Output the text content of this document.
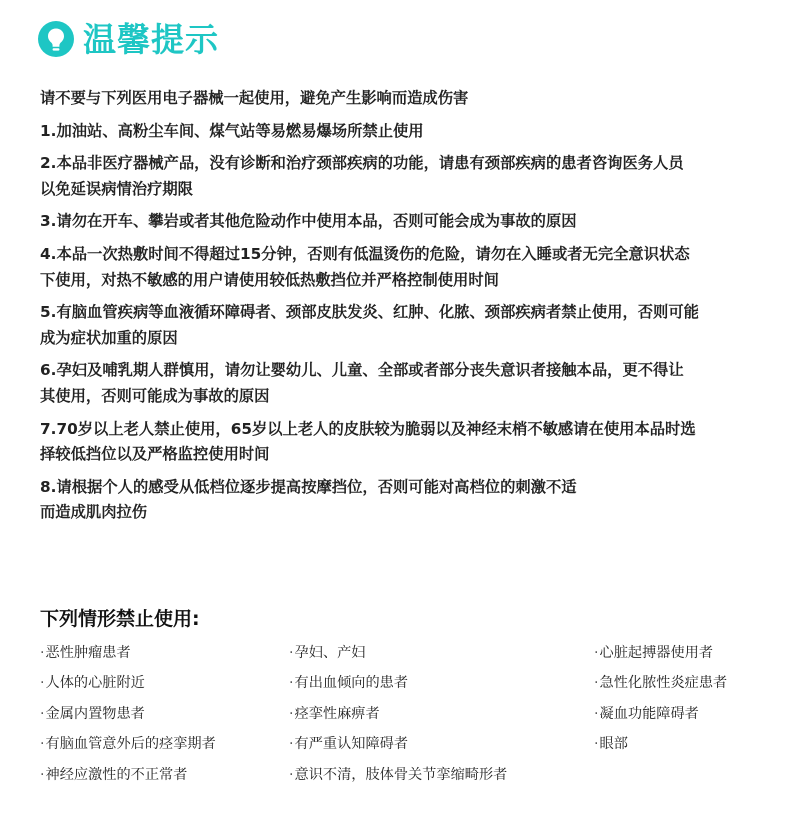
温馨提示

请不要与下列医用电子器械一起使用，避免产生影响而造成伤害

1.加油站、高粉尘车间、煤气站等易燃易爆场所禁止使用

2.本品非医疗器械产品，没有诊断和治疗颈部疾病的功能，请患有颈部疾病的患者咨询医务人员

以免延误病情治疗期限

3.请勿在开车、攀岩或者其他危险动作中使用本品，否则可能会成为事故的原因

4.本品一次热敷时间不得超过15分钟，否则有低温烫伤的危险，请勿在入睡或者无完全意识状态

下使用，对热不敏感的用户请使用较低热敷挡位并严格控制使用时间

5.有脑血管疾病等血液循环障碍者、颈部皮肤发炎、红肿、化脓、颈部疾病者禁止使用，否则可能

成为症状加重的原因

6.孕妇及哺乳期人群慎用，请勿让婴幼儿、儿童、全部或者部分丧失意识者接触本品，更不得让

其使用，否则可能成为事故的原因

7.70岁以上老人禁止使用，65岁以上老人的皮肤较为脆弱以及神经末梢不敏感请在使用本品时选

择较低挡位以及严格监控使用时间

8.请根据个人的感受从低档位逐步提高按摩挡位，否则可能对高档位的刺激不适

而造成肌肉拉伤

下列情形禁止使用:
·恶性肿瘤患者	·孕妇、产妇	·心脏起搏器使用者
·人体的心脏附近	·有出血倾向的患者	·急性化脓性炎症患者
·金属内置物患者	·痉挛性麻痹者	·凝血功能障碍者
·有脑血管意外后的痉挛期者	·有严重认知障碍者	·眼部
·神经应激性的不正常者	·意识不清，肢体骨关节挛缩畸形者
